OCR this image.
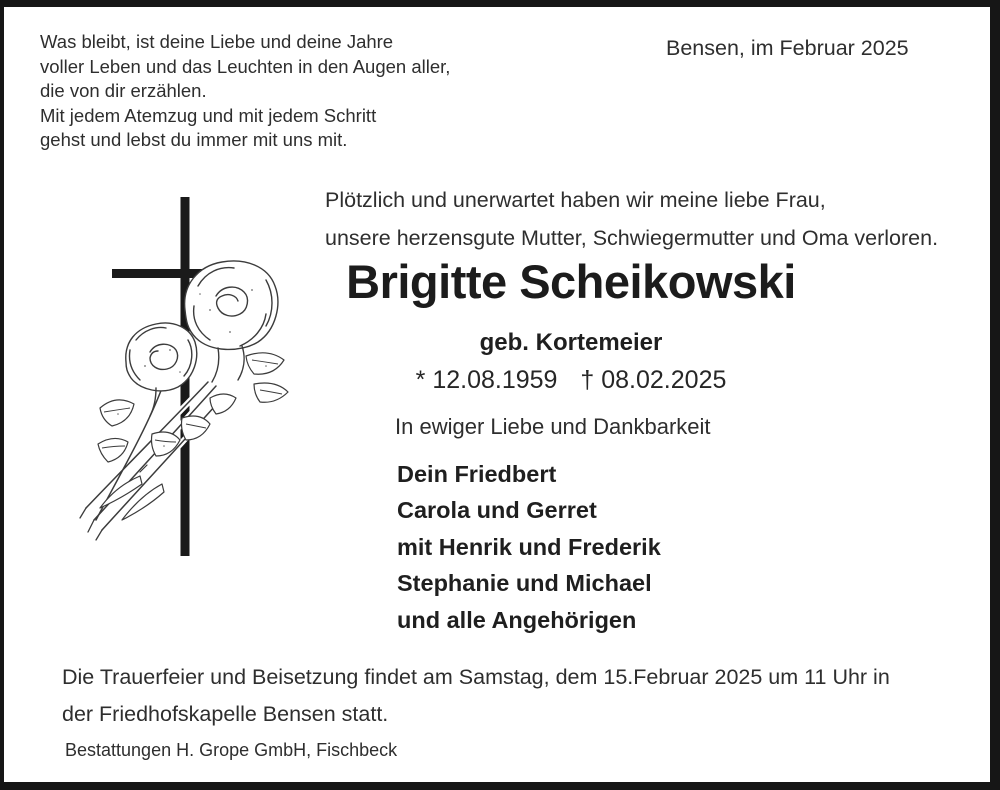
Was bleibt, ist deine Liebe und deine Jahre
voller Leben und das Leuchten in den Augen aller,
die von dir erzählen.
Mit jedem Atemzug und mit jedem Schritt
gehst und lebst du immer mit uns mit.
Bensen, im Februar 2025
Plötzlich und unerwartet haben wir meine liebe Frau,
unsere herzensgute Mutter, Schwiegermutter und Oma verloren.
Brigitte Scheikowski
geb. Kortemeier
* 12.08.1959 † 08.02.2025
In ewiger Liebe und Dankbarkeit
Dein Friedbert
Carola und Gerret
mit Henrik und Frederik
Stephanie und Michael
und alle Angehörigen
Die Trauerfeier und Beisetzung findet am Samstag, dem 15.Februar 2025 um 11 Uhr in
der Friedhofskapelle Bensen statt.
Bestattungen H. Grope GmbH, Fischbeck
